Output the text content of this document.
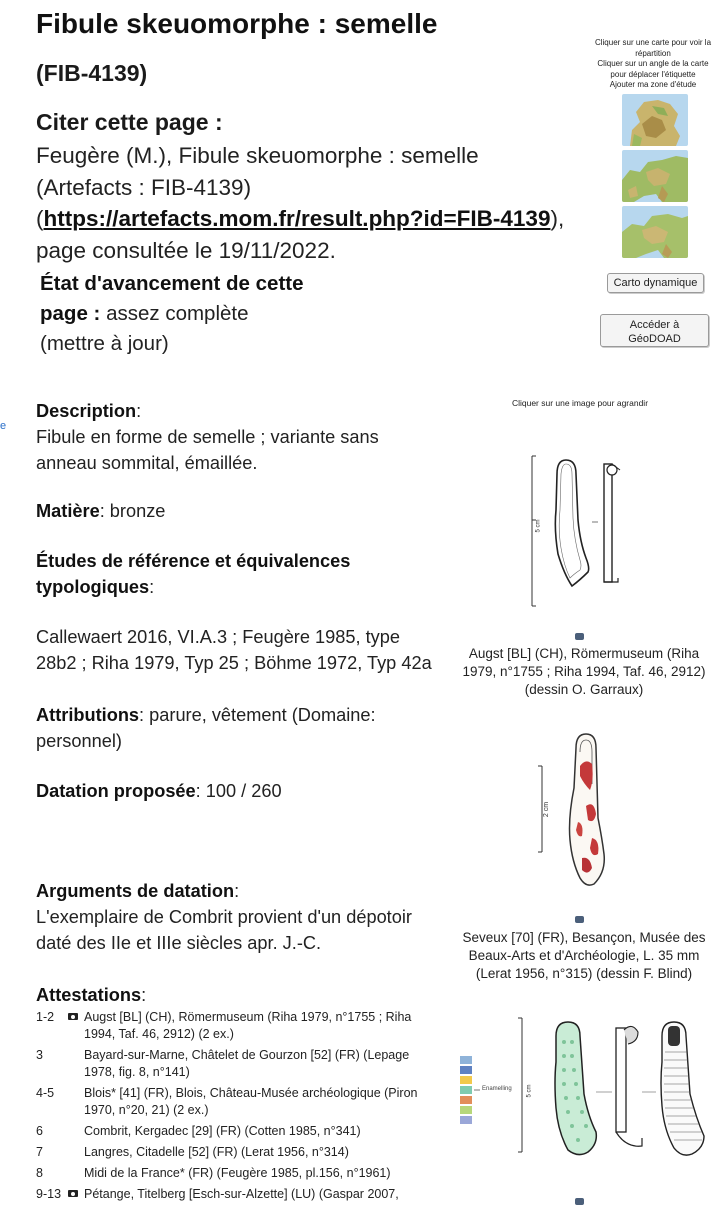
Fibule skeuomorphe : semelle
(FIB-4139)
Citer cette page :
Feugère (M.), Fibule skeuomorphe : semelle
(Artefacts : FIB-4139)
(https://artefacts.mom.fr/result.php?id=FIB-4139),
page consultée le 19/11/2022.
État d'avancement de cette
page : assez complète
(mettre à jour)
Cliquer sur une carte pour voir la répartition
Cliquer sur un angle de la carte pour déplacer l'étiquette
Ajouter ma zone d'étude
Carto dynamique
Accéder à
GéoDOAD
e
Description:
Fibule en forme de semelle ; variante sans anneau sommital, émaillée.
Matière: bronze
Études de référence et équivalences typologiques:
Callewaert 2016, VI.A.3 ; Feugère 1985, type 28b2 ; Riha 1979, Typ 25 ; Böhme 1972, Typ 42a
Attributions: parure, vêtement (Domaine: personnel)
Datation proposée: 100 / 260
Arguments de datation:
L'exemplaire de Combrit provient d'un dépotoir daté des IIe et IIIe siècles apr. J.-C.
Attestations:
1-2	Augst [BL] (CH), Römermuseum (Riha 1979, n°1755 ; Riha 1994, Taf. 46, 2912) (2 ex.)
3	Bayard-sur-Marne, Châtelet de Gourzon [52] (FR) (Lepage 1978, fig. 8, n°141)
4-5	Blois* [41] (FR), Blois, Château-Musée archéologique (Piron 1970, n°20, 21) (2 ex.)
6	Combrit, Kergadec [29] (FR) (Cotten 1985, n°341)
7	Langres, Citadelle [52] (FR) (Lerat 1956, n°314)
8	Midi de la France* (FR) (Feugère 1985, pl.156, n°1961)
9-13	Pétange, Titelberg [Esch-sur-Alzette] (LU) (Gaspar 2007,
Cliquer sur une image pour agrandir
5 cm
Augst [BL] (CH), Römermuseum (Riha 1979, n°1755 ; Riha 1994, Taf. 46, 2912) (dessin O. Garraux)
2 cm
Seveux [70] (FR), Besançon, Musée des Beaux-Arts et d'Archéologie, L. 35 mm (Lerat 1956, n°315) (dessin F. Blind)
Enamelling 5 cm
